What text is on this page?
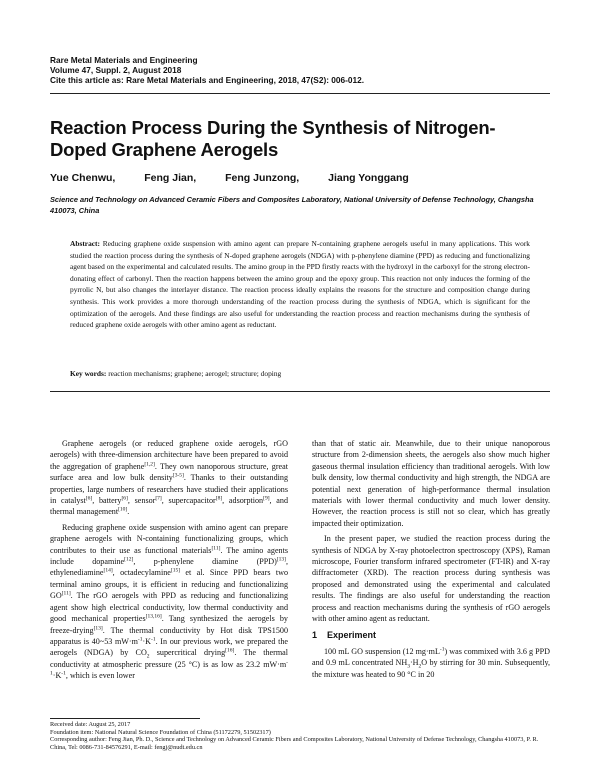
Rare Metal Materials and Engineering
Volume 47, Suppl. 2, August 2018
Cite this article as: Rare Metal Materials and Engineering, 2018, 47(S2): 006-012.
Reaction Process During the Synthesis of Nitrogen-Doped Graphene Aerogels
Yue Chenwu,	Feng Jian,	Feng Junzong,	Jiang Yonggang
Science and Technology on Advanced Ceramic Fibers and Composites Laboratory, National University of Defense Technology, Changsha 410073, China
Abstract: Reducing graphene oxide suspension with amino agent can prepare N-containing graphene aerogels useful in many applications. This work studied the reaction process during the synthesis of N-doped graphene aerogels (NDGA) with p-phenylene diamine (PPD) as reducing and functionalizing agent based on the experimental and calculated results. The amino group in the PPD firstly reacts with the hydroxyl in the carboxyl for the strong electron-donating effect of carbonyl. Then the reaction happens between the amino group and the epoxy group. This reaction not only induces the forming of the pyrrolic N, but also changes the interlayer distance. The reaction process ideally explains the reasons for the structure and composition change during synthesis. This work provides a more thorough understanding of the reaction process during the synthesis of NDGA, which is significant for the optimization of the aerogels. And these findings are also useful for understanding the reaction process and reaction mechanisms during the synthesis of reduced graphene oxide aerogels with other amino agent as reductant.
Key words: reaction mechanisms; graphene; aerogel; structure; doping

Graphene aerogels (or reduced graphene oxide aerogels, rGO aerogels) with three-dimension architecture have been prepared to avoid the aggregation of graphene[1,2]. They own nanoporous structure, great surface area and low bulk density[3-5]. Thanks to their outstanding properties, large numbers of researchers have studied their applications in catalyst[6], battery[6], sensor[7], supercapacitor[8], adsorption[9], and thermal management[10].

Reducing graphene oxide suspension with amino agent can prepare graphene aerogels with N-containing functionalizing groups, which contributes to their use as functional materials[11]. The amino agents include dopamine[12], p-phenylene diamine (PPD)[13], ethylenediamine[14], octadecylamine[15] et al. Since PPD bears two terminal amino groups, it is efficient in reducing and functionalizing GO[11]. The rGO aerogels with PPD as reducing and functionalizing agent show high electrical conductivity, low thermal conductivity and good mechanical properties[13,16]. Tang synthesized the aerogels by freeze-drying[13]. The thermal conductivity by Hot disk TPS1500 apparatus is 40~53 $mW\cdot m^{-1}\cdot K^{-1}$. In our previous work, we prepared the aerogels (NDGA) by $CO_2$ supercritical drying[16]. The thermal conductivity at atmospheric pressure (25 °C) is as low as 23.2 $mW\cdot m^{-1}\cdot K^{-1}$, which is even lower

than that of static air. Meanwhile, due to their unique nanoporous structure from 2-dimension sheets, the aerogels also show much higher gaseous thermal insulation efficiency than traditional aerogels. With low bulk density, low thermal conductivity and high strength, the NDGA are potential next generation of high-performance thermal insulation materials with lower thermal conductivity and much lower density. However, the reaction process is still not so clear, which has greatly impacted their optimization.

In the present paper, we studied the reaction process during the synthesis of NDGA by X-ray photoelectron spectroscopy (XPS), Raman microscope, Fourier transform infrared spectrometer (FT-IR) and X-ray diffractometer (XRD). The reaction process during synthesis was proposed and demonstrated using the experimental and calculated results. The findings are also useful for understanding the reaction process and reaction mechanisms during the synthesis of rGO aerogels with other amino agent as reductant.

1 Experiment

100 mL GO suspension (12 $mg\cdot mL^{-1}$) was commixed with 3.6 g PPD and 0.9 mL concentrated $NH_3\cdot H_2O$ by stirring for 30 min. Subsequently, the mixture was heated to 90 °C in 20

Received date: August 25, 2017
Foundation item: National Natural Science Foundation of China (51172279, 51502317)
Corresponding author: Feng Jian, Ph. D., Science and Technology on Advanced Ceramic Fibers and Composites Laboratory, National University of Defense Technology, Changsha 410073, P. R. China, Tel: 0086-731-84576291, E-mail: fengj@nudt.edu.cn
